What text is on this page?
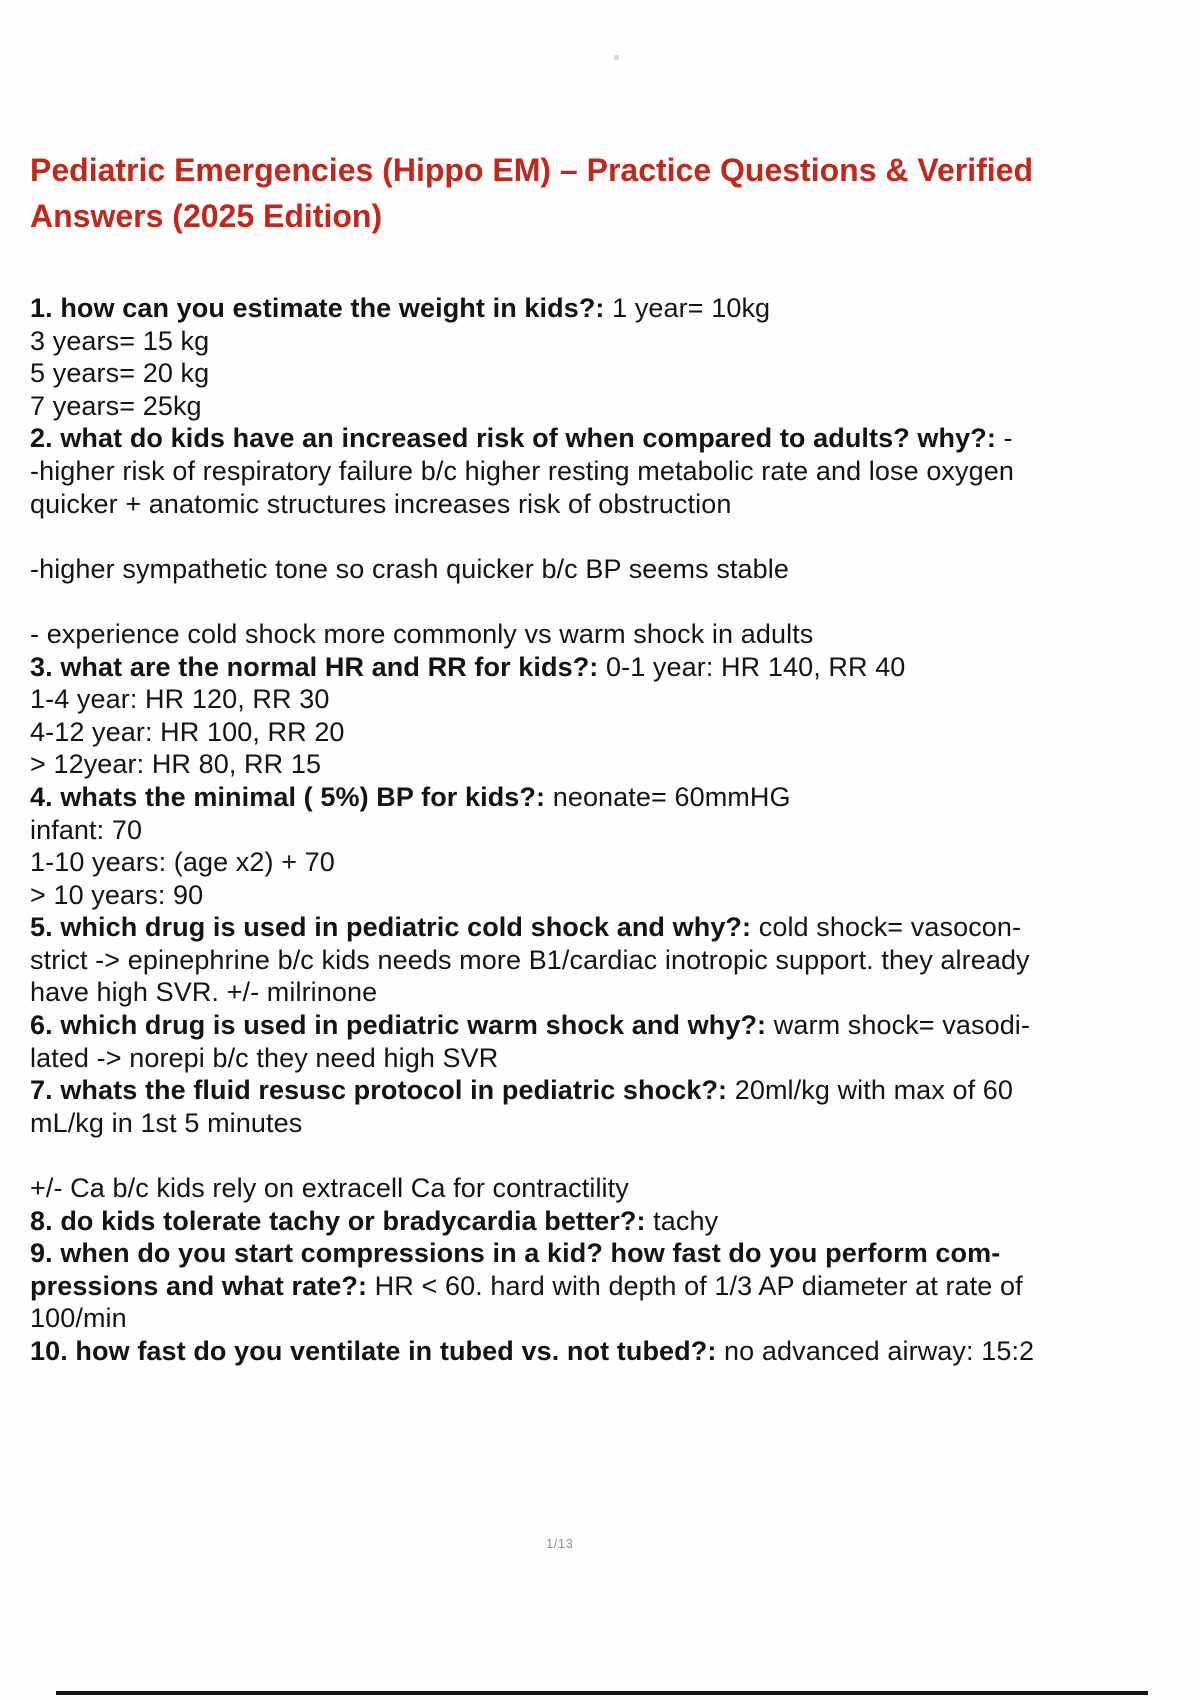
Pediatric Emergencies (Hippo EM) – Practice Questions & Verified
Answers (2025 Edition)
1. how can you estimate the weight in kids?: 1 year= 10kg
3 years= 15 kg
5 years= 20 kg
7 years= 25kg
2. what do kids have an increased risk of when compared to adults? why?: -
-higher risk of respiratory failure b/c higher resting metabolic rate and lose oxygen
quicker + anatomic structures increases risk of obstruction
-higher sympathetic tone so crash quicker b/c BP seems stable
- experience cold shock more commonly vs warm shock in adults
3. what are the normal HR and RR for kids?: 0-1 year: HR 140, RR 40
1-4 year: HR 120, RR 30
4-12 year: HR 100, RR 20
> 12year: HR 80, RR 15
4. whats the minimal ( 5%) BP for kids?: neonate= 60mmHG
infant: 70
1-10 years: (age x2) + 70
> 10 years: 90
5. which drug is used in pediatric cold shock and why?: cold shock= vasocon-
strict -> epinephrine b/c kids needs more B1/cardiac inotropic support. they already
have high SVR. +/- milrinone
6. which drug is used in pediatric warm shock and why?: warm shock= vasodi-
lated -> norepi b/c they need high SVR
7. whats the fluid resusc protocol in pediatric shock?: 20ml/kg with max of 60
mL/kg in 1st 5 minutes
+/- Ca b/c kids rely on extracell Ca for contractility
8. do kids tolerate tachy or bradycardia better?: tachy
9. when do you start compressions in a kid? how fast do you perform com-
pressions and what rate?: HR < 60. hard with depth of 1/3 AP diameter at rate of
100/min
10. how fast do you ventilate in tubed vs. not tubed?: no advanced airway: 15:2
1/13
